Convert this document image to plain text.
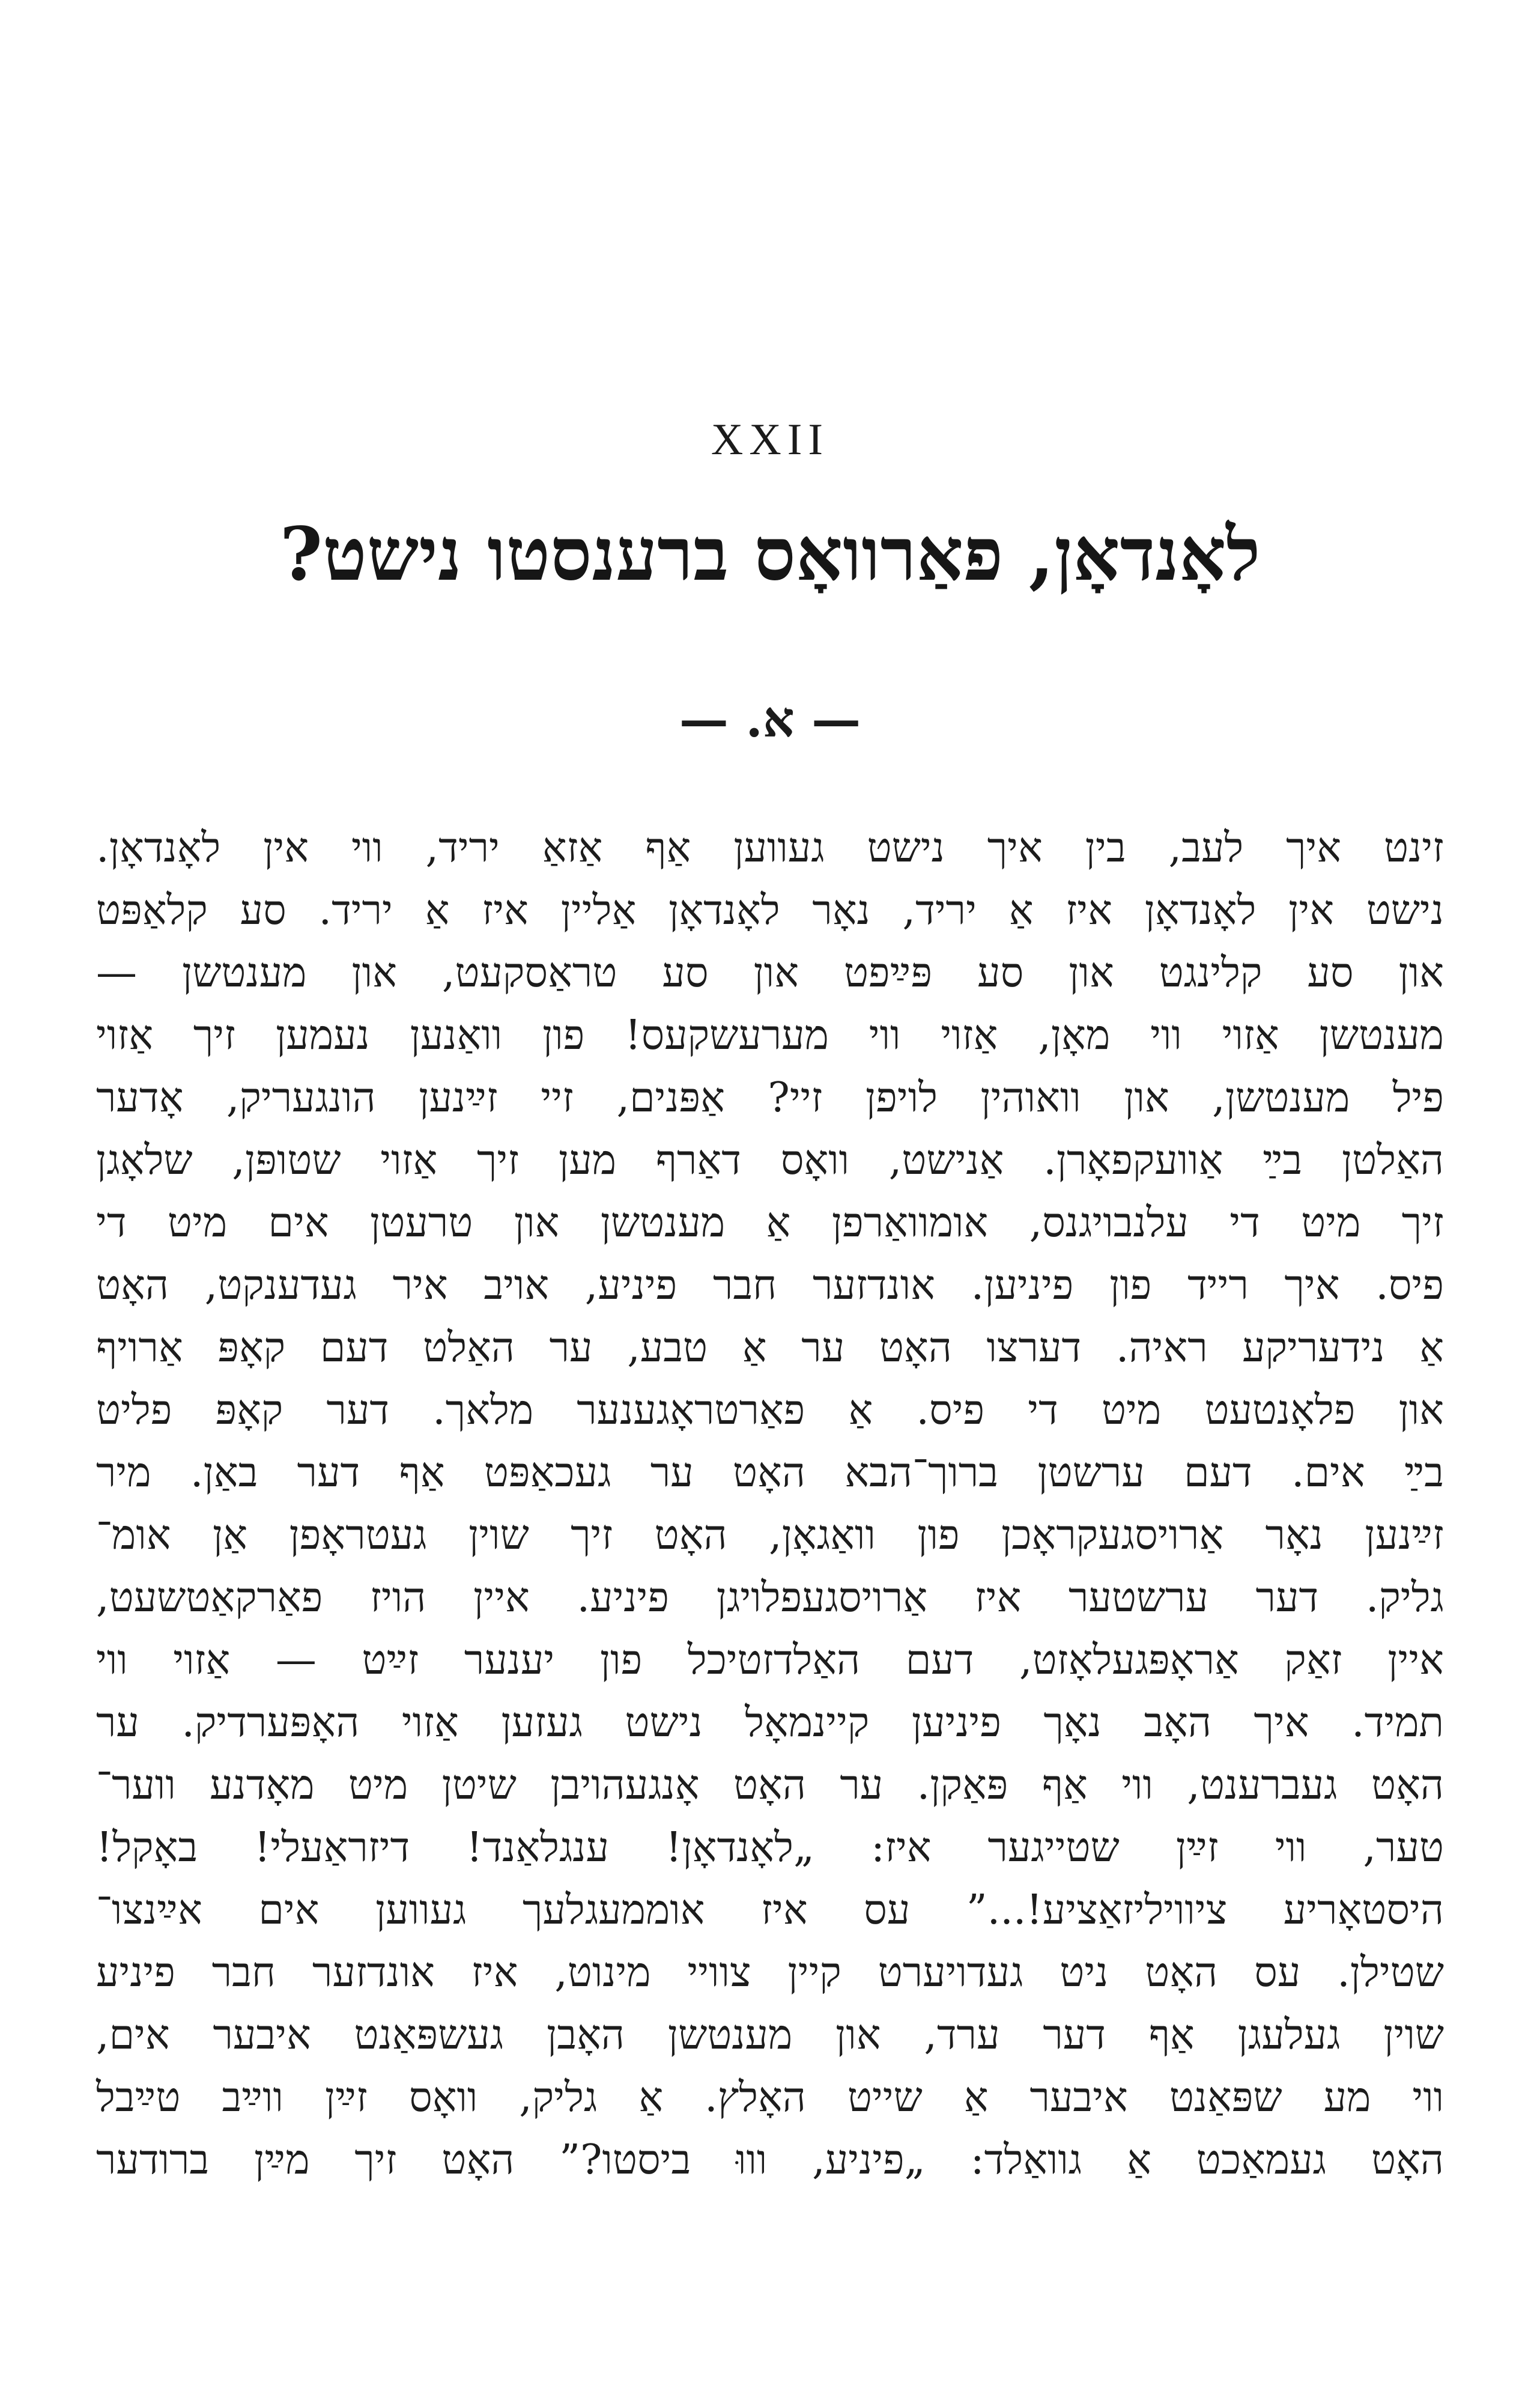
XXII
לאָנדאָן, פאַרוואָס ברענסטו נישט?
— א. —
זינט איך לעב, בין איך נישט געווען אַף אַזאַ יריד, ווי אין לאָנדאָן.
נישט אין לאָנדאָן איז אַ יריד, נאָר לאָנדאָן אַליין איז אַ יריד. סע קלאַפּט
און סע קלינגט און סע פּײַפט און סע טראַסקעט, און מענטשן —
מענטשן אַזוי ווי מאָן, אַזוי ווי מערעשקעס! פון וואַנען נעמען זיך אַזוי
פיל מענטשן, און וואוהין לויפן זיי? אַפּנים, זיי זײַנען הונגעריק, אָדער
האַלטן בײַ אַוועקפאָרן. אַנישט, וואָס דאַרף מען זיך אַזוי שטופּן, שלאָגן
זיך מיט די עלנבויגנס, אומוואַרפן אַ מענטשן און טרעטן אים מיט די
פיס. איך רייד פון פיניען. אונדזער חבר פיניע, אויב איר געדענקט, האָט
אַ נידעריקע ראיה. דערצו האָט ער אַ טבע, ער האַלט דעם קאָפּ אַרויף
און פלאָנטעט מיט די פיס. אַ פאַרטראָגענער מלאך. דער קאָפּ פליט
בײַ אים. דעם ערשטן ברוך־הבא האָט ער געכאַפּט אַף דער באַן. מיר
זײַנען נאָר אַרויסגעקראָכן פון וואַגאָן, האָט זיך שוין געטראָפן אַן אומ־
גליק. דער ערשטער איז אַרויסגעפלויגן פיניע. איין הויז פאַרקאַטשעט,
איין זאַק אַראָפּגעלאָזט, דעם האַלדזטיכל פון יענער זײַט — אַזוי ווי
תמיד. איך האָב נאָך פיניען קיינמאָל נישט געזען אַזוי האָפּערדיק. ער
האָט געברענט, ווי אַף פּאַקן. ער האָט אָנגעהויבן שיטן מיט מאָדנע ווער־
טער, ווי זײַן שטייגער איז: „לאָנדאָן! ענגלאַנד! דיזראַעלי! באָקל!
היסטאָריע ציוויליזאַציע!...” עס איז אוממעגלעך געווען אים אײַנצו־
שטילן. עס האָט ניט געדויערט קיין צוויי מינוט, איז אונדזער חבר פיניע
שוין געלעגן אַף דער ערד, און מענטשן האָבן געשפּאַנט איבער אים,
ווי מע שפּאַנט איבער אַ שייט האָלץ. אַ גליק, וואָס זײַן ווײַב טײַבל
האָט געמאַכט אַ גוואַלד: „פיניע, וווּ ביסטו?” האָט זיך מײַן ברודער
